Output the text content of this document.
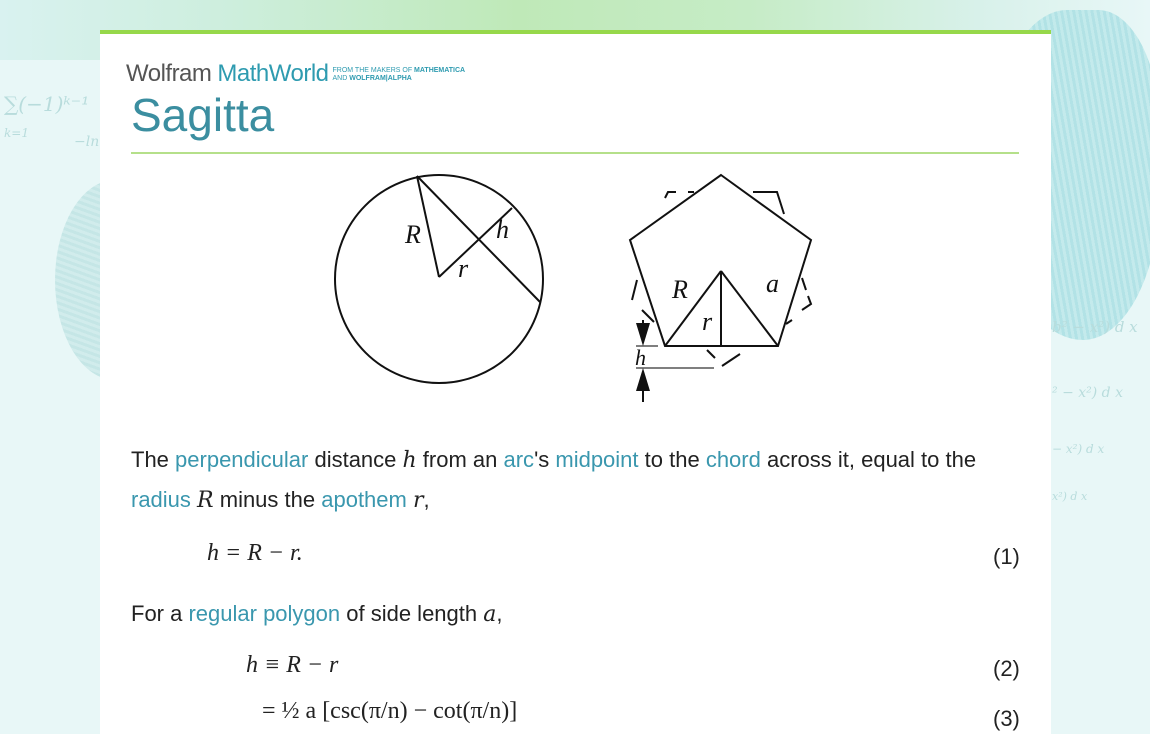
∑(−1)ᵏ⁻¹
k=1
−ln
b² − x²) d x
² − x²) d x
− x²) d x
x²) d x
Wolfram MathWorld FROM THE MAKERS OF MATHEMATICA
AND WOLFRAM|ALPHA
Sagitta
R	h
r
h
R	a
r
The perpendicular distance h from an arc's midpoint to the chord across it, equal to the
radius R minus the apothem r,
h = R − r.	(1)
For a regular polygon of side length a,
h ≡ R − r	(2)
= ½ a [csc(π/n) − cot(π/n)]	(3)
